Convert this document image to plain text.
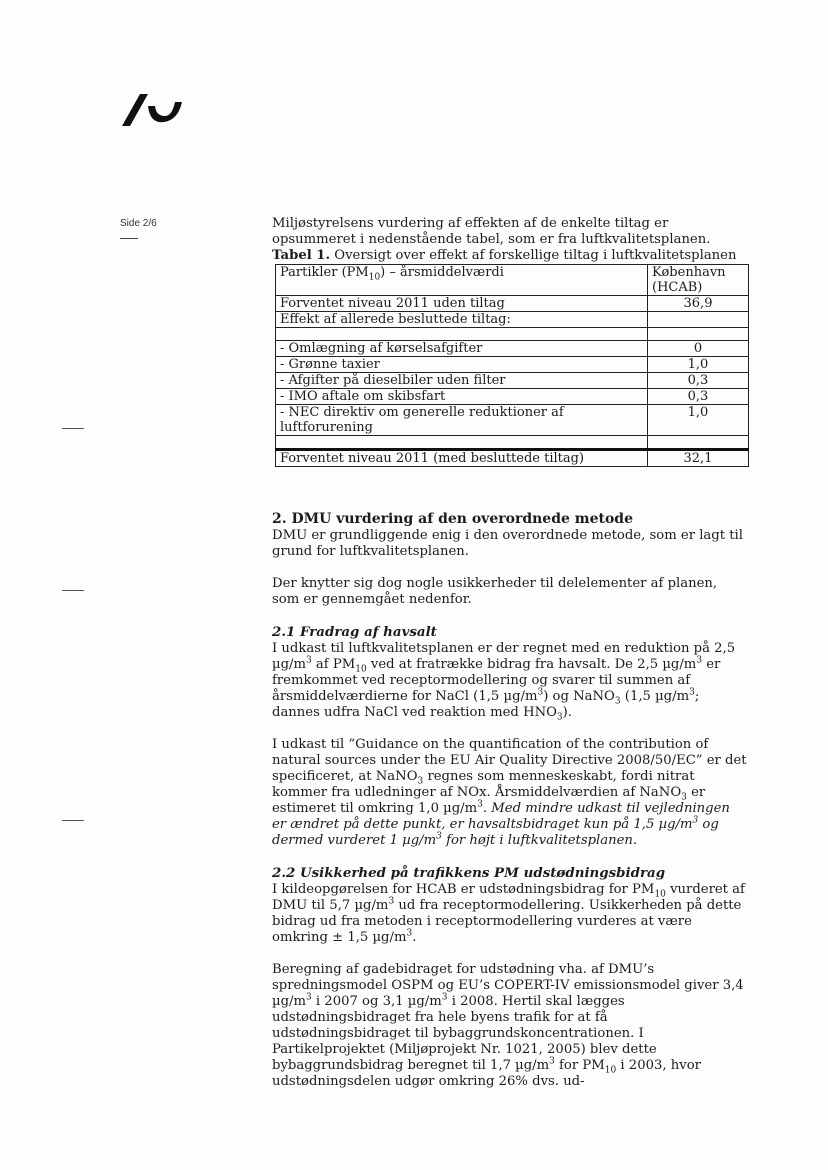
Side 2/6	Miljøstyrelsens vurdering af effekten af de enkelte tiltag er opsummeret i nedenstående tabel, som er fra luftkvalitetsplanen.

Tabel 1. Oversigt over effekt af forskellige tiltag i luftkvalitetsplanen

Partikler $(PM_{10})$ – årsmiddelværdi	København (HCAB)
Forventet niveau 2011 uden tiltag	36,9
Effekt af allerede besluttede tiltag:	

- Omlægning af kørselsafgifter	0
- Grønne taxier	1,0
- Afgifter på dieselbiler uden filter	0,3
- IMO aftale om skibsfart	0,3
- NEC direktiv om generelle reduktioner af luftforurening	1,0

Forventet niveau 2011 (med besluttede tiltag)	32,1
2. DMU vurdering af den overordnede metode

DMU er grundliggende enig i den overordnede metode, som er lagt til grund for luftkvalitetsplanen.

Der knytter sig dog nogle usikkerheder til delelementer af planen, som er gennemgået nedenfor.

2.1 Fradrag af havsalt

I udkast til luftkvalitetsplanen er der regnet med en reduktion på 2,5 $\mu g/m^3$ af $PM_{10}$ ved at fratrække bidrag fra havsalt. De 2,5 $\mu g/m^3$ er fremkommet ved receptormodellering og svarer til summen af årsmiddelværdierne for NaCl (1,5 $\mu g/m^3$) og NaNO$_3$ (1,5 $\mu g/m^3$; dannes udfra NaCl ved reaktion med $HNO_3$).

I udkast til “Guidance on the quantification of the contribution of natural sources under the EU Air Quality Directive 2008/50/EC” er det specificeret, at NaNO$_3$ regnes som menneskeskabt, fordi nitrat kommer fra udledninger af NOx. Årsmiddelværdien af NaNO$_3$ er estimeret til omkring 1,0 $\mu g/m^3$. Med mindre udkast til vejledningen er ændret på dette punkt, er havsaltsbidraget kun på 1,5 $\mu g/m^3$ og dermed vurderet 1 $\mu g/m^3$ for højt i luftkvalitetsplanen.

2.2 Usikkerhed på trafikkens PM udstødningsbidrag

I kildeopgørelsen for HCAB er udstødningsbidrag for $PM_{10}$ vurderet af DMU til 5,7 $\mu g/m^3$ ud fra receptormodellering. Usikkerheden på dette bidrag ud fra metoden i receptormodellering vurderes at være omkring ± 1,5 $\mu g/m^3$.

Beregning af gadebidraget for udstødning vha. af DMU’s spredningsmodel OSPM og EU’s COPERT-IV emissionsmodel giver 3,4 $\mu g/m^3$ i 2007 og 3,1 $\mu g/m^3$ i 2008. Hertil skal lægges udstødningsbidraget fra hele byens trafik for at få udstødningsbidraget til bybaggrundskoncentrationen. I Partikelprojektet (Miljøprojekt Nr. 1021, 2005) blev dette bybaggrundsbidrag beregnet til 1,7 $\mu g/m^3$ for $PM_{10}$ i 2003, hvor udstødningsdelen udgør omkring 26% dvs. ud-
